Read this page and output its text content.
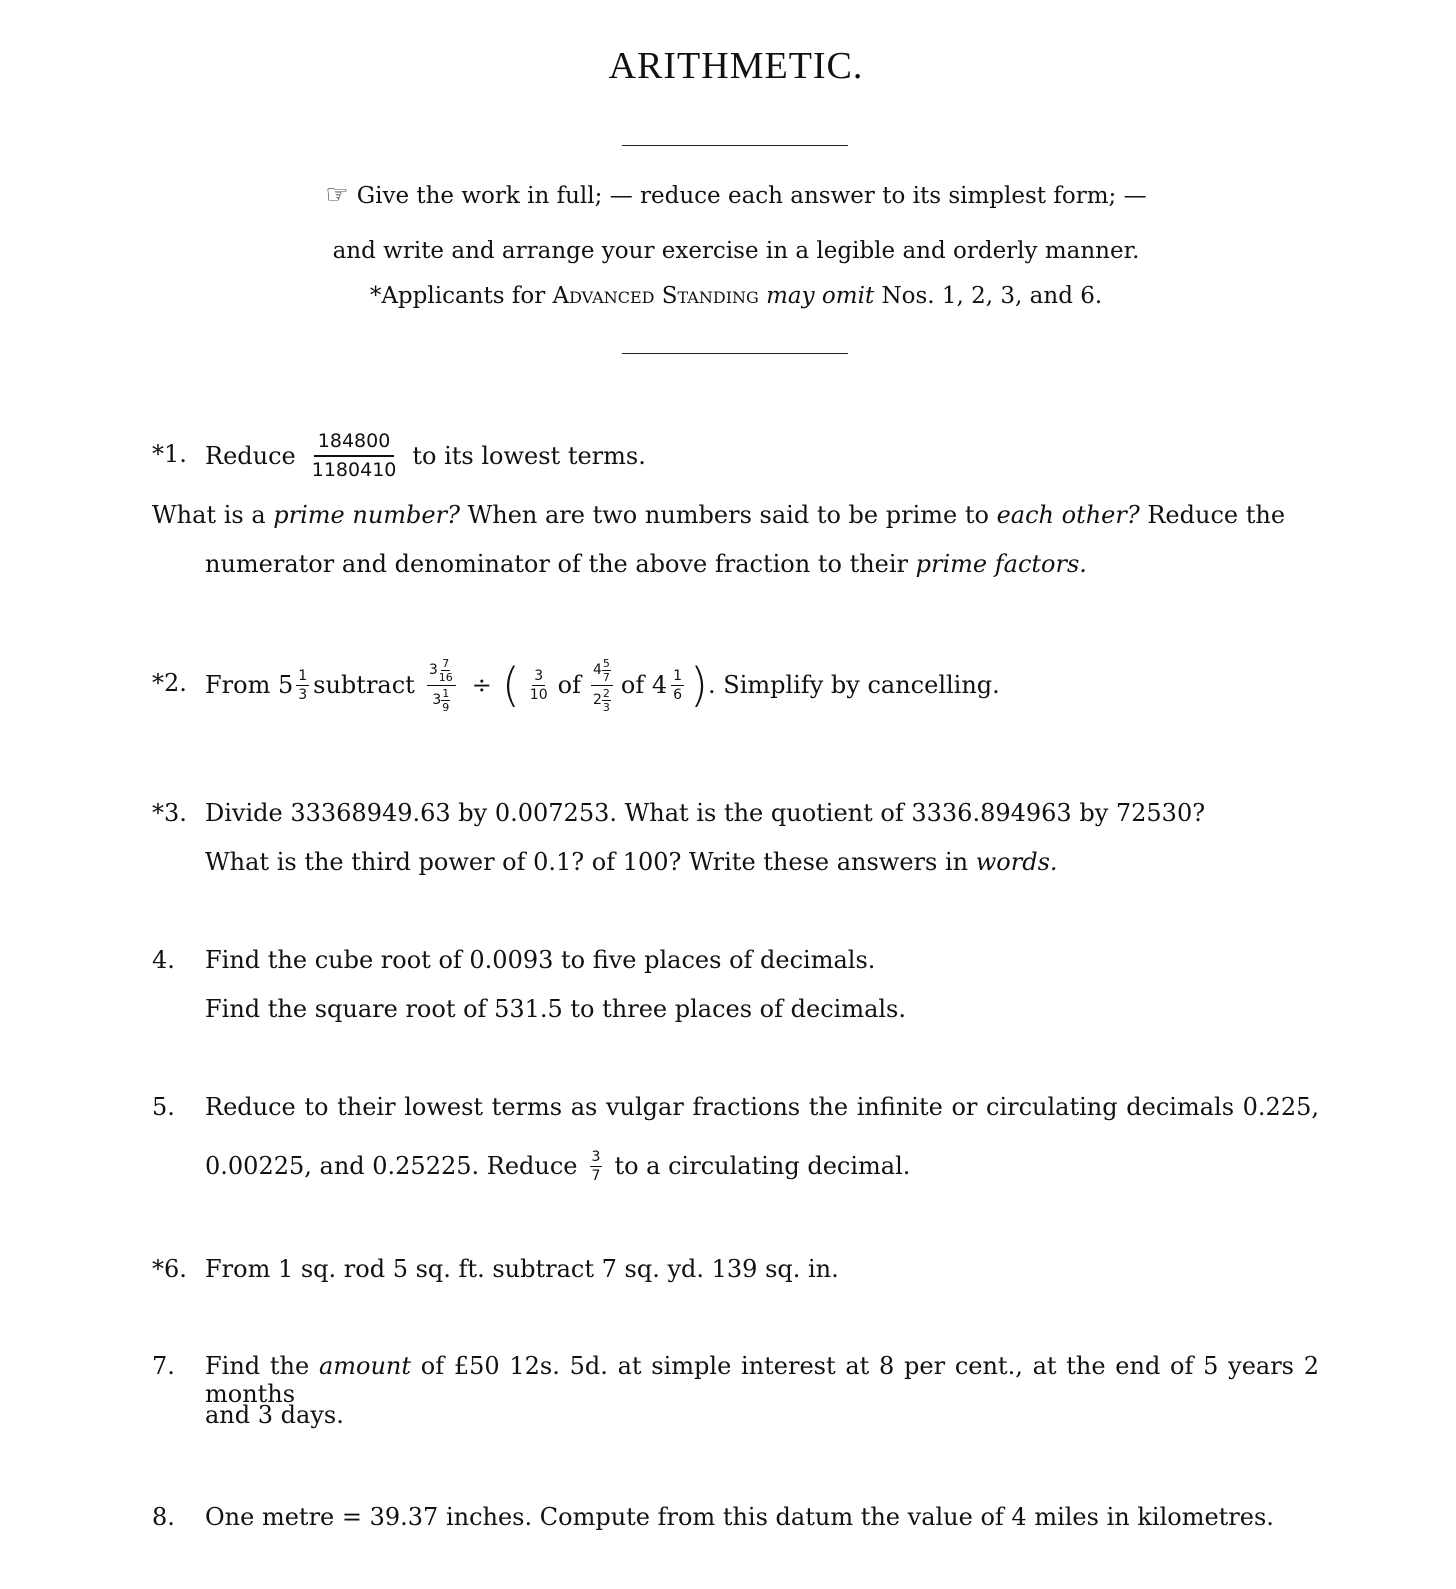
ARITHMETIC.
☞ Give the work in full; — reduce each answer to its simplest form; —
and write and arrange your exercise in a legible and orderly manner.
*Applicants for Advanced Standing may omit Nos. 1, 2, 3, and 6.
*1. Reduce $\frac{184800}{1180410}$ to its lowest terms.
What is a prime number? When are two numbers said to be prime to each other? Reduce the
numerator and denominator of the above fraction to their prime factors.
*2. From $5 \frac{1}{3}$ subtract $\frac{3 \frac{7}{16}}{3 \frac{1}{9}}$ ÷ ( $\frac{3}{10}$ of $\frac{4 \frac{5}{7}}{2 \frac{2}{3}}$ of $4 \frac{1}{6}$ ) . Simplify by cancelling.
*3. Divide 33368949.63 by 0.007253. What is the quotient of 3336.894963 by 72530?
What is the third power of 0.1? of 100? Write these answers in words.
4. Find the cube root of 0.0093 to five places of decimals.
Find the square root of 531.5 to three places of decimals.
5. Reduce to their lowest terms as vulgar fractions the infinite or circulating decimals 0.225,
0.00225, and 0.25225. Reduce $\frac{3}{7}$ to a circulating decimal.
*6. From 1 sq. rod 5 sq. ft. subtract 7 sq. yd. 139 sq. in.
7. Find the amount of £50 12s. 5d. at simple interest at 8 per cent., at the end of 5 years 2 months
and 3 days.
8. One metre = 39.37 inches. Compute from this datum the value of 4 miles in kilometres.
